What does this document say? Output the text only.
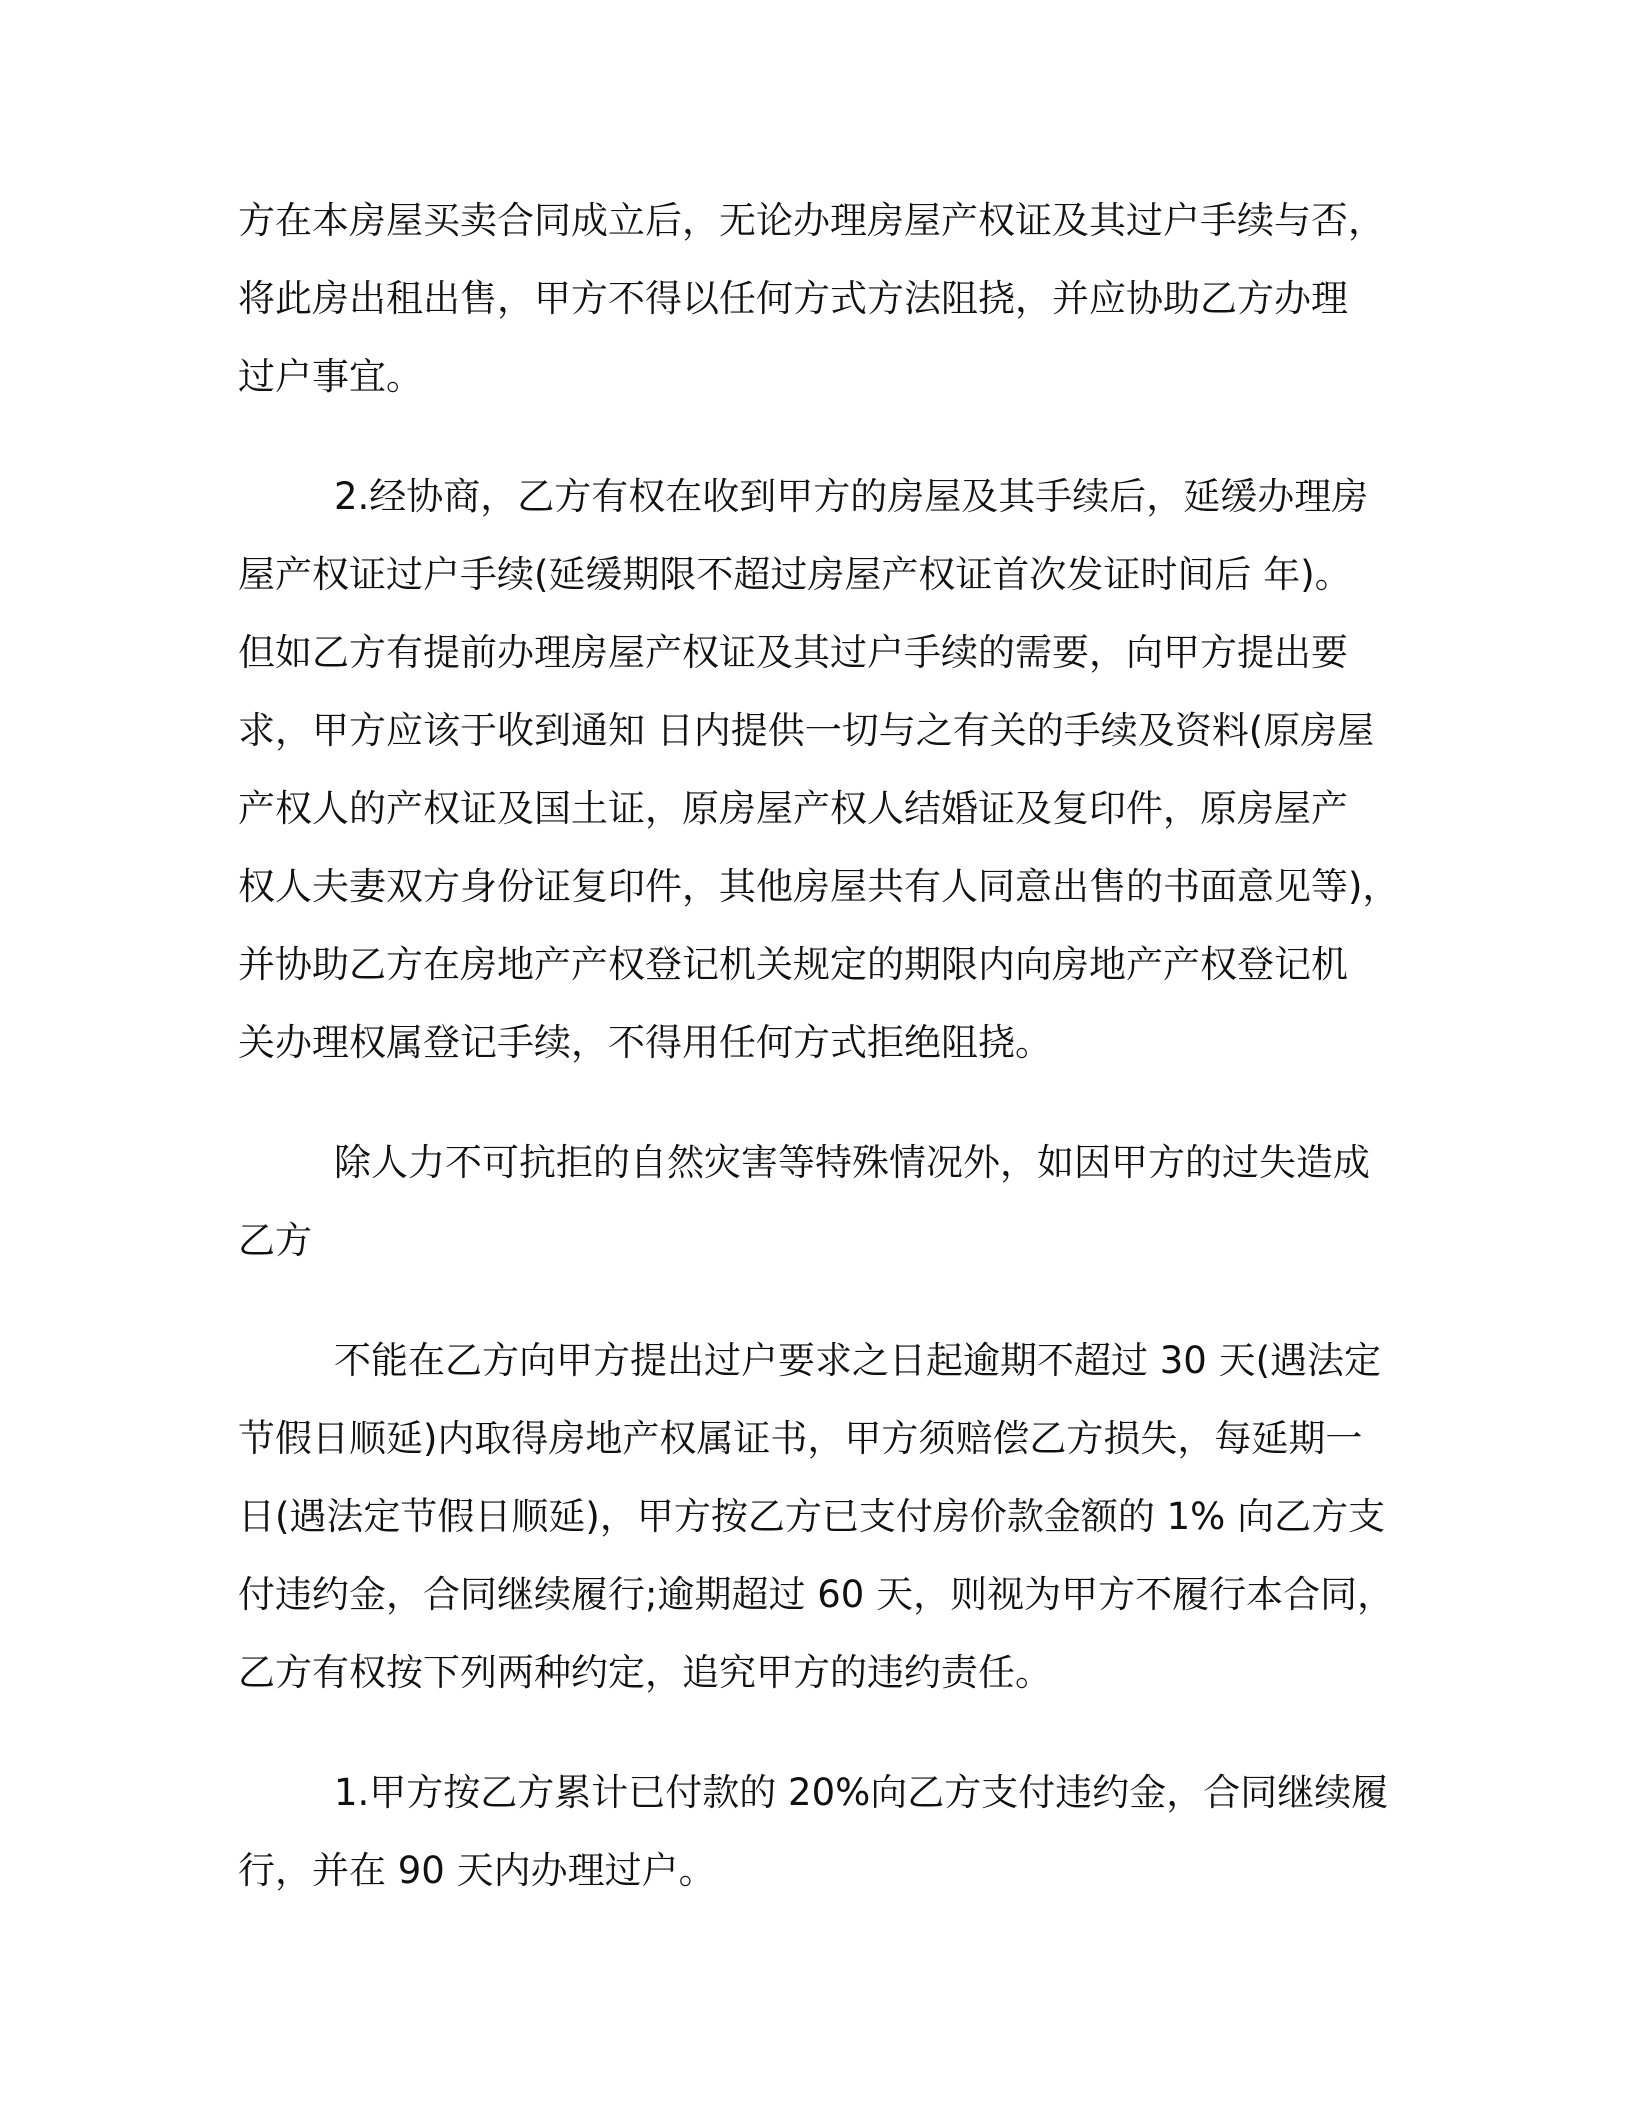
方在本房屋买卖合同成立后，无论办理房屋产权证及其过户手续与否，
将此房出租出售，甲方不得以任何方式方法阻挠，并应协助乙方办理
过户事宜。
2.经协商，乙方有权在收到甲方的房屋及其手续后，延缓办理房
屋产权证过户手续(延缓期限不超过房屋产权证首次发证时间后 年)。
但如乙方有提前办理房屋产权证及其过户手续的需要，向甲方提出要
求，甲方应该于收到通知 日内提供一切与之有关的手续及资料(原房屋
产权人的产权证及国土证，原房屋产权人结婚证及复印件，原房屋产
权人夫妻双方身份证复印件，其他房屋共有人同意出售的书面意见等)，
并协助乙方在房地产产权登记机关规定的期限内向房地产产权登记机
关办理权属登记手续，不得用任何方式拒绝阻挠。
除人力不可抗拒的自然灾害等特殊情况外，如因甲方的过失造成
乙方
不能在乙方向甲方提出过户要求之日起逾期不超过 30 天(遇法定
节假日顺延)内取得房地产权属证书，甲方须赔偿乙方损失，每延期一
日(遇法定节假日顺延)，甲方按乙方已支付房价款金额的 1% 向乙方支
付违约金，合同继续履行;逾期超过 60 天，则视为甲方不履行本合同，
乙方有权按下列两种约定，追究甲方的违约责任。
1.甲方按乙方累计已付款的 20%向乙方支付违约金，合同继续履
行，并在 90 天内办理过户。
